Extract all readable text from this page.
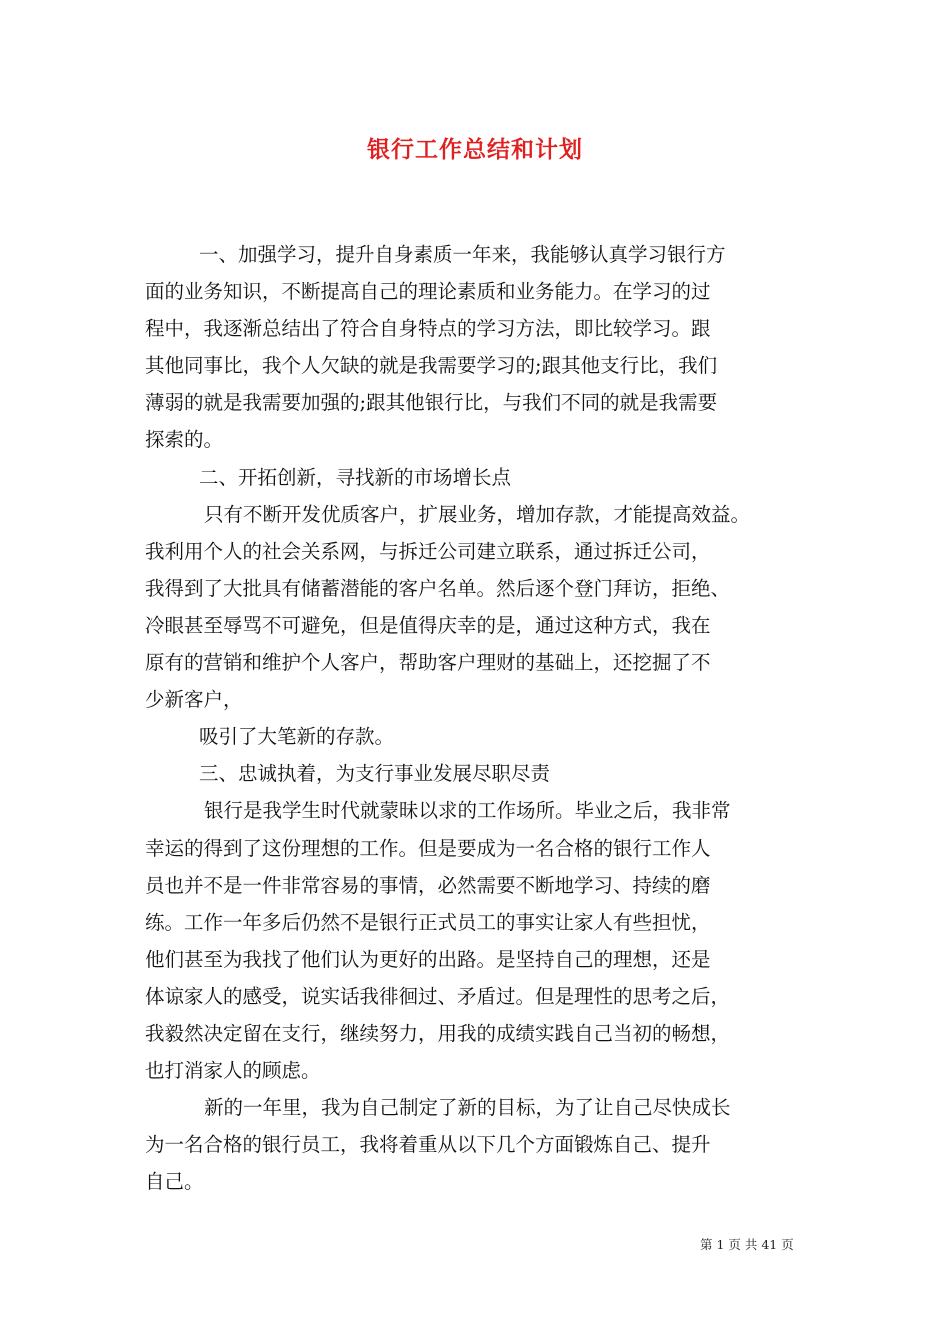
银行工作总结和计划
一、加强学习，提升自身素质一年来，我能够认真学习银行方
面的业务知识，不断提高自己的理论素质和业务能力。在学习的过
程中，我逐渐总结出了符合自身特点的学习方法，即比较学习。跟
其他同事比，我个人欠缺的就是我需要学习的;跟其他支行比，我们
薄弱的就是我需要加强的;跟其他银行比，与我们不同的就是我需要
探索的。
二、开拓创新，寻找新的市场增长点
只有不断开发优质客户，扩展业务，增加存款，才能提高效益。
我利用个人的社会关系网，与拆迁公司建立联系，通过拆迁公司，
我得到了大批具有储蓄潜能的客户名单。然后逐个登门拜访，拒绝、
冷眼甚至辱骂不可避免，但是值得庆幸的是，通过这种方式，我在
原有的营销和维护个人客户，帮助客户理财的基础上，还挖掘了不
少新客户，
吸引了大笔新的存款。
三、忠诚执着，为支行事业发展尽职尽责
银行是我学生时代就蒙昧以求的工作场所。毕业之后，我非常
幸运的得到了这份理想的工作。但是要成为一名合格的银行工作人
员也并不是一件非常容易的事情，必然需要不断地学习、持续的磨
练。工作一年多后仍然不是银行正式员工的事实让家人有些担忧，
他们甚至为我找了他们认为更好的出路。是坚持自己的理想，还是
体谅家人的感受，说实话我徘徊过、矛盾过。但是理性的思考之后，
我毅然决定留在支行，继续努力，用我的成绩实践自己当初的畅想，
也打消家人的顾虑。
新的一年里，我为自己制定了新的目标，为了让自己尽快成长
为一名合格的银行员工，我将着重从以下几个方面锻炼自己、提升
自己。
第 1 页 共 41 页
